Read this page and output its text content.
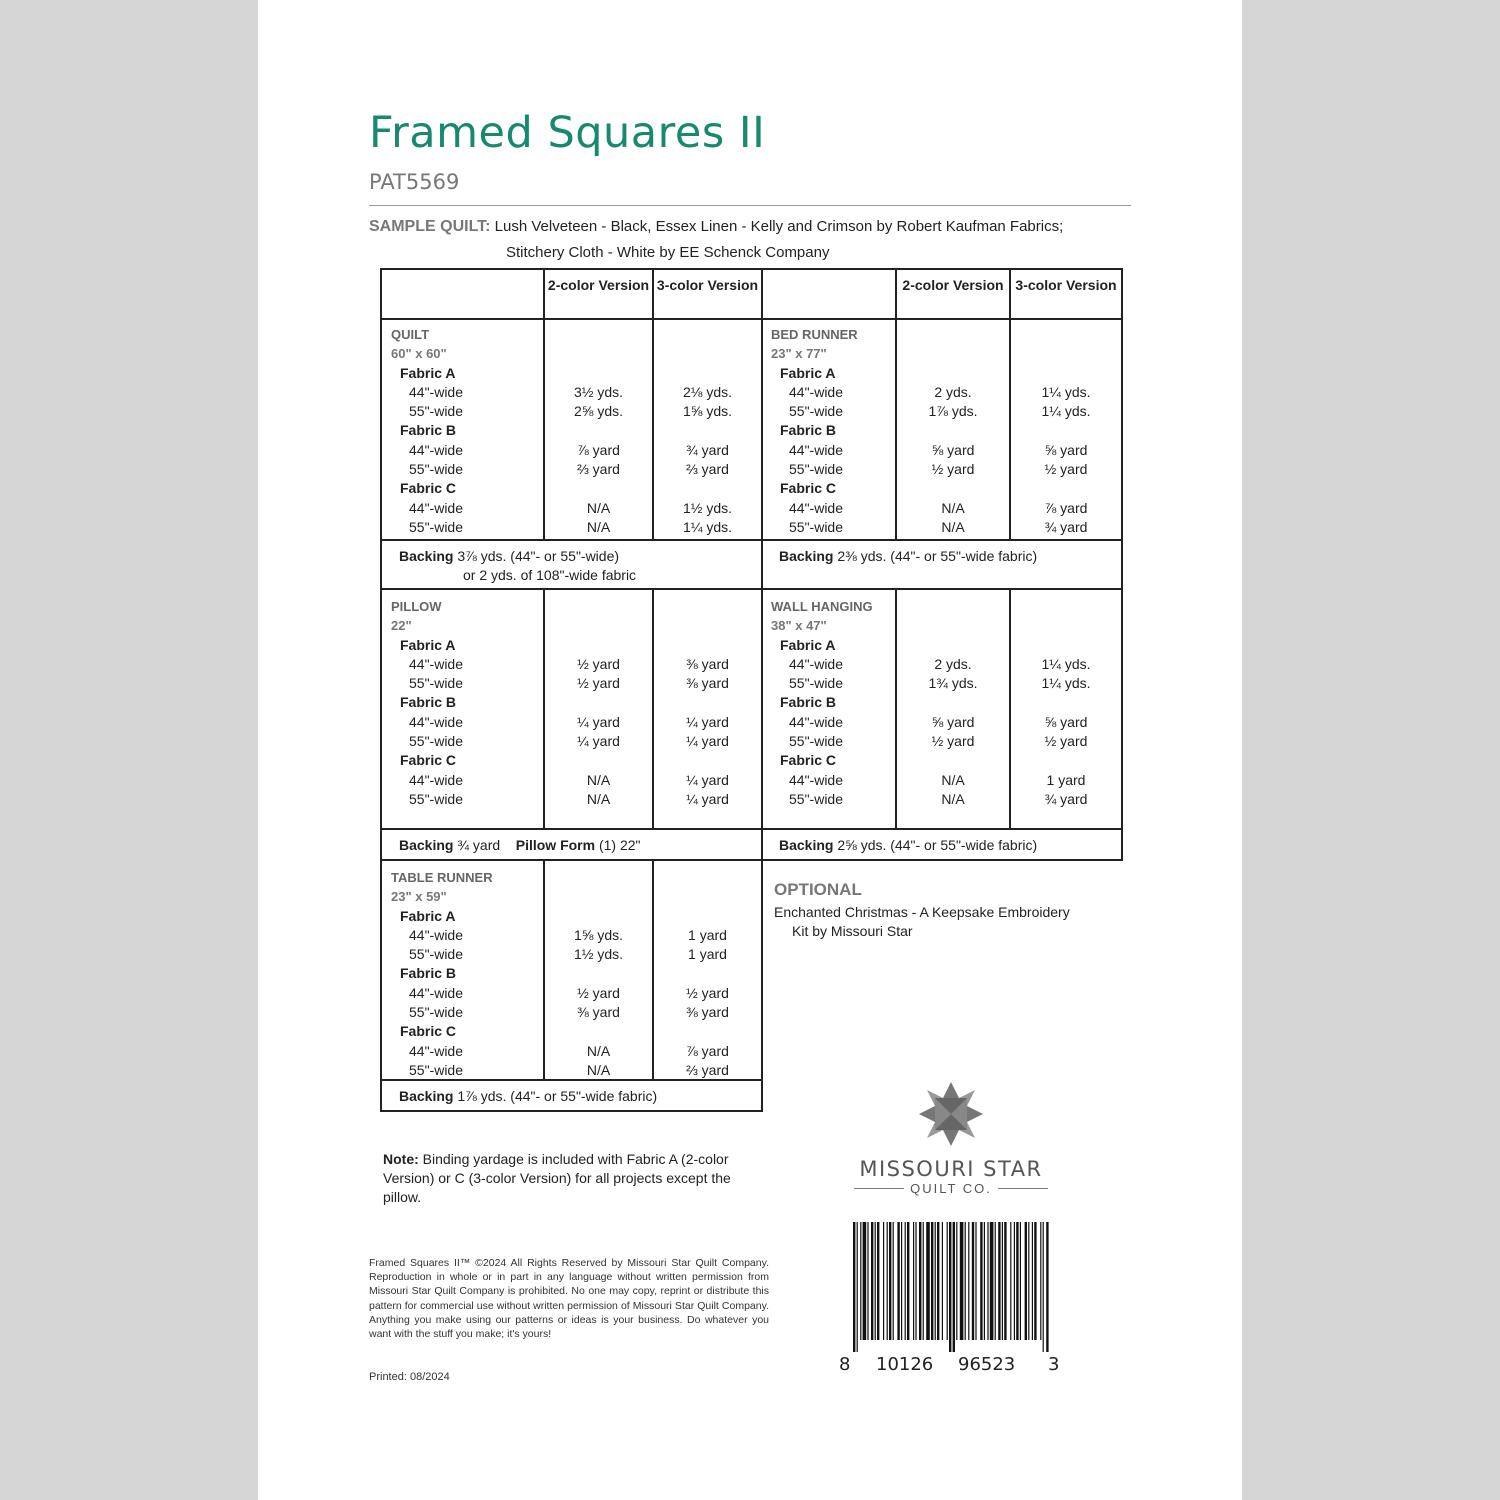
Framed Squares II
PAT5569
SAMPLE QUILT: Lush Velveteen - Black, Essex Linen - Kelly and Crimson by Robert Kaufman Fabrics;
Stitchery Cloth - White by EE Schenck Company
2-color Version 3-color Version	2-color Version 3-color Version
QUILT
60" x 60"
Fabric A
44"-wide
55"-wide
Fabric B
44"-wide
55"-wide
Fabric C
44"-wide
55"-wide
3½ yds.
2⅝ yds.
⅞ yard
⅔ yard
N/A
N/A
2⅛ yds.
1⅝ yds.
¾ yard
⅔ yard
1½ yds.
1¼ yds.
BED RUNNER
23" x 77"
Fabric A
44"-wide
55"-wide
Fabric B
44"-wide
55"-wide
Fabric C
44"-wide
55"-wide
2 yds.
1⅞ yds.
⅝ yard
½ yard
N/A
N/A
1¼ yds.
1¼ yds.
⅝ yard
½ yard
⅞ yard
¾ yard
Backing 3⅞ yds. (44"- or 55"-wide)
or 2 yds. of 108"-wide fabric
Backing 2⅜ yds. (44"- or 55"-wide fabric)
PILLOW
22"
Fabric A
44"-wide
55"-wide
Fabric B
44"-wide
55"-wide
Fabric C
44"-wide
55"-wide
½ yard
½ yard
¼ yard
¼ yard
N/A
N/A
⅜ yard
⅜ yard
¼ yard
¼ yard
¼ yard
¼ yard
WALL HANGING
38" x 47"
Fabric A
44"-wide
55"-wide
Fabric B
44"-wide
55"-wide
Fabric C
44"-wide
55"-wide
2 yds.
1¾ yds.
⅝ yard
½ yard
N/A
N/A
1¼ yds.
1¼ yds.
⅝ yard
½ yard
1 yard
¾ yard
Backing ¾ yard Pillow Form (1) 22"	Backing 2⅝ yds. (44"- or 55"-wide fabric)
TABLE RUNNER
23" x 59"
Fabric A
44"-wide
55"-wide
Fabric B
44"-wide
55"-wide
Fabric C
44"-wide
55"-wide
1⅝ yds.
1½ yds.
½ yard
⅜ yard
N/A
N/A
1 yard
1 yard
½ yard
⅜ yard
⅞ yard
⅔ yard
Backing 1⅞ yds. (44"- or 55"-wide fabric)
OPTIONAL
Enchanted Christmas - A Keepsake Embroidery
Kit by Missouri Star
Note: Binding yardage is included with Fabric A (2-color Version) or C (3-color Version) for all projects except the pillow.
MISSOURI STAR
QUILT CO.
8 10126 96523 3
Framed Squares II™ ©2024 All Rights Reserved by Missouri Star Quilt Company. Reproduction in whole or in part in any language without written permission from Missouri Star Quilt Company is prohibited. No one may copy, reprint or distribute this pattern for commercial use without written permission of Missouri Star Quilt Company. Anything you make using our patterns or ideas is your business. Do whatever you want with the stuff you make; it's yours!
Printed: 08/2024
